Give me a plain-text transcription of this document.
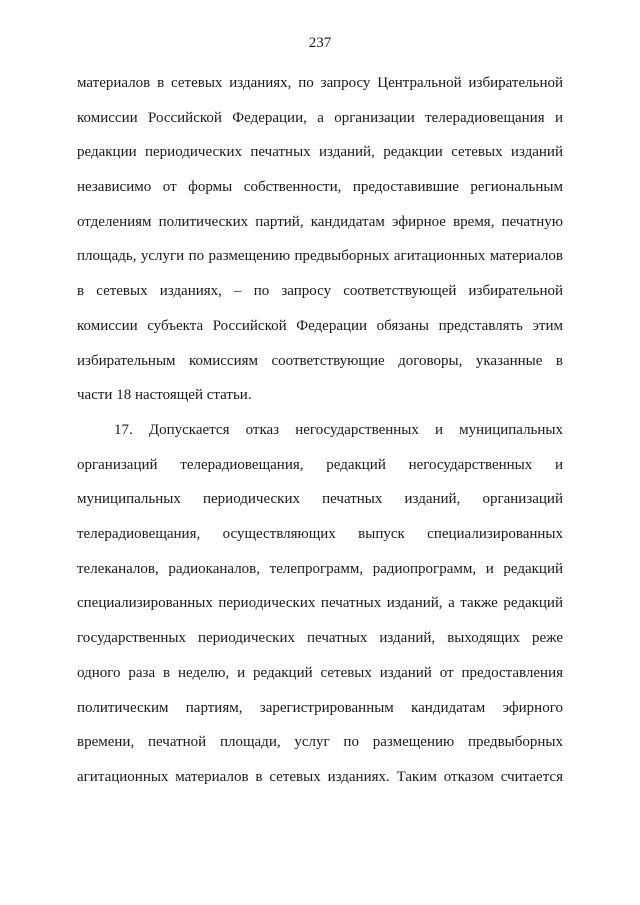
237
материалов в сетевых изданиях, по запросу Центральной избирательной
комиссии Российской Федерации, а организации телерадиовещания и
редакции периодических печатных изданий, редакции сетевых изданий
независимо от формы собственности, предоставившие региональным
отделениям политических партий, кандидатам эфирное время, печатную
площадь, услуги по размещению предвыборных агитационных материалов
в сетевых изданиях, – по запросу соответствующей избирательной
комиссии субъекта Российской Федерации обязаны представлять этим
избирательным комиссиям соответствующие договоры, указанные в
части 18 настоящей статьи.
17. Допускается отказ негосударственных и муниципальных
организаций телерадиовещания, редакций негосударственных и
муниципальных периодических печатных изданий, организаций
телерадиовещания, осуществляющих выпуск специализированных
телеканалов, радиоканалов, телепрограмм, радиопрограмм, и редакций
специализированных периодических печатных изданий, а также редакций
государственных периодических печатных изданий, выходящих реже
одного раза в неделю, и редакций сетевых изданий от предоставления
политическим партиям, зарегистрированным кандидатам эфирного
времени, печатной площади, услуг по размещению предвыборных
агитационных материалов в сетевых изданиях. Таким отказом считается
